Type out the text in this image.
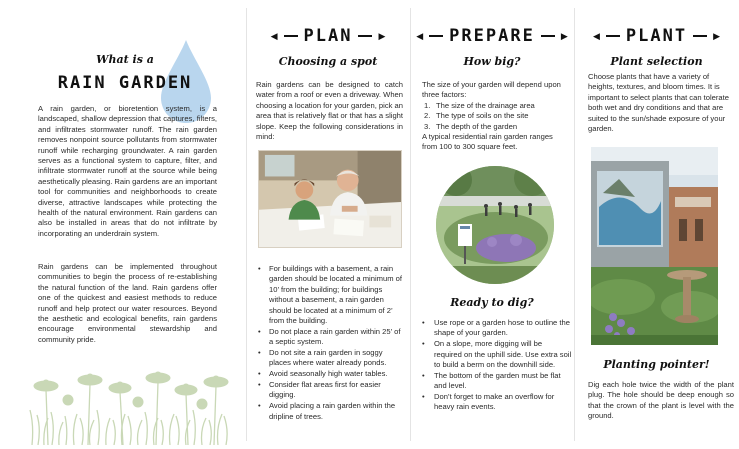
What is a
RAIN GARDEN

A rain garden, or bioretention system, is a landscaped, shallow depression that captures, filters, and infiltrates stormwater runoff. The rain garden removes nonpoint source pollutants from stormwater runoff while recharging groundwater. A rain garden serves as a functional system to capture, filter, and infiltrate stormwater runoff at the source while being aesthetically pleasing. Rain gardens are an important tool for communities and neighborhoods to create diverse, attractive landscapes while protecting the health of the natural environment. Rain gardens can also be installed in areas that do not infiltrate by incorporating an underdrain system.

Rain gardens can be implemented throughout communities to begin the process of re-establishing the natural function of the land. Rain gardens offer one of the quickest and easiest methods to reduce runoff and help protect our water resources. Beyond the aesthetic and ecological benefits, rain gardens encourage environmental stewardship and community pride.

◀ PLAN	▶
Choosing a spot

Rain gardens can be designed to catch water from a roof or even a driveway. When choosing a location for your garden, pick an area that is relatively flat or that has a slight slope. Keep the following considerations in mind:

• For buildings with a basement, a rain garden should be located a minimum of 10’ from the building; for buildings without a basement, a rain garden should be located at a minimum of 2’ from the building.
• Do not place a rain garden within 25’ of a septic system.
• Do not site a rain garden in soggy places where water already ponds.
• Avoid seasonally high water tables.
• Consider flat areas first for easier digging.
• Avoid placing a rain garden within the dripline of trees.
◀ PREPARE	▶
How big?

The size of your garden will depend upon three factors:

1. The size of the drainage area
2. The type of soils on the site
3. The depth of the garden

A typical residential rain garden ranges from 100 to 300 square feet.

Ready to dig?
• Use rope or a garden hose to outline the shape of your garden.
• On a slope, more digging will be required on the uphill side. Use extra soil to build a berm on the downhill side.
• The bottom of the garden must be flat and level.
• Don’t forget to make an overflow for heavy rain events.
◀ PLANT	▶
Plant selection

Choose plants that have a variety of heights, textures, and bloom times. It is important to select plants that can tolerate both wet and dry conditions and that are suited to the sun/shade exposure of your garden.

Planting pointer!

Dig each hole twice the width of the plant plug. The hole should be deep enough so that the crown of the plant is level with the ground.
